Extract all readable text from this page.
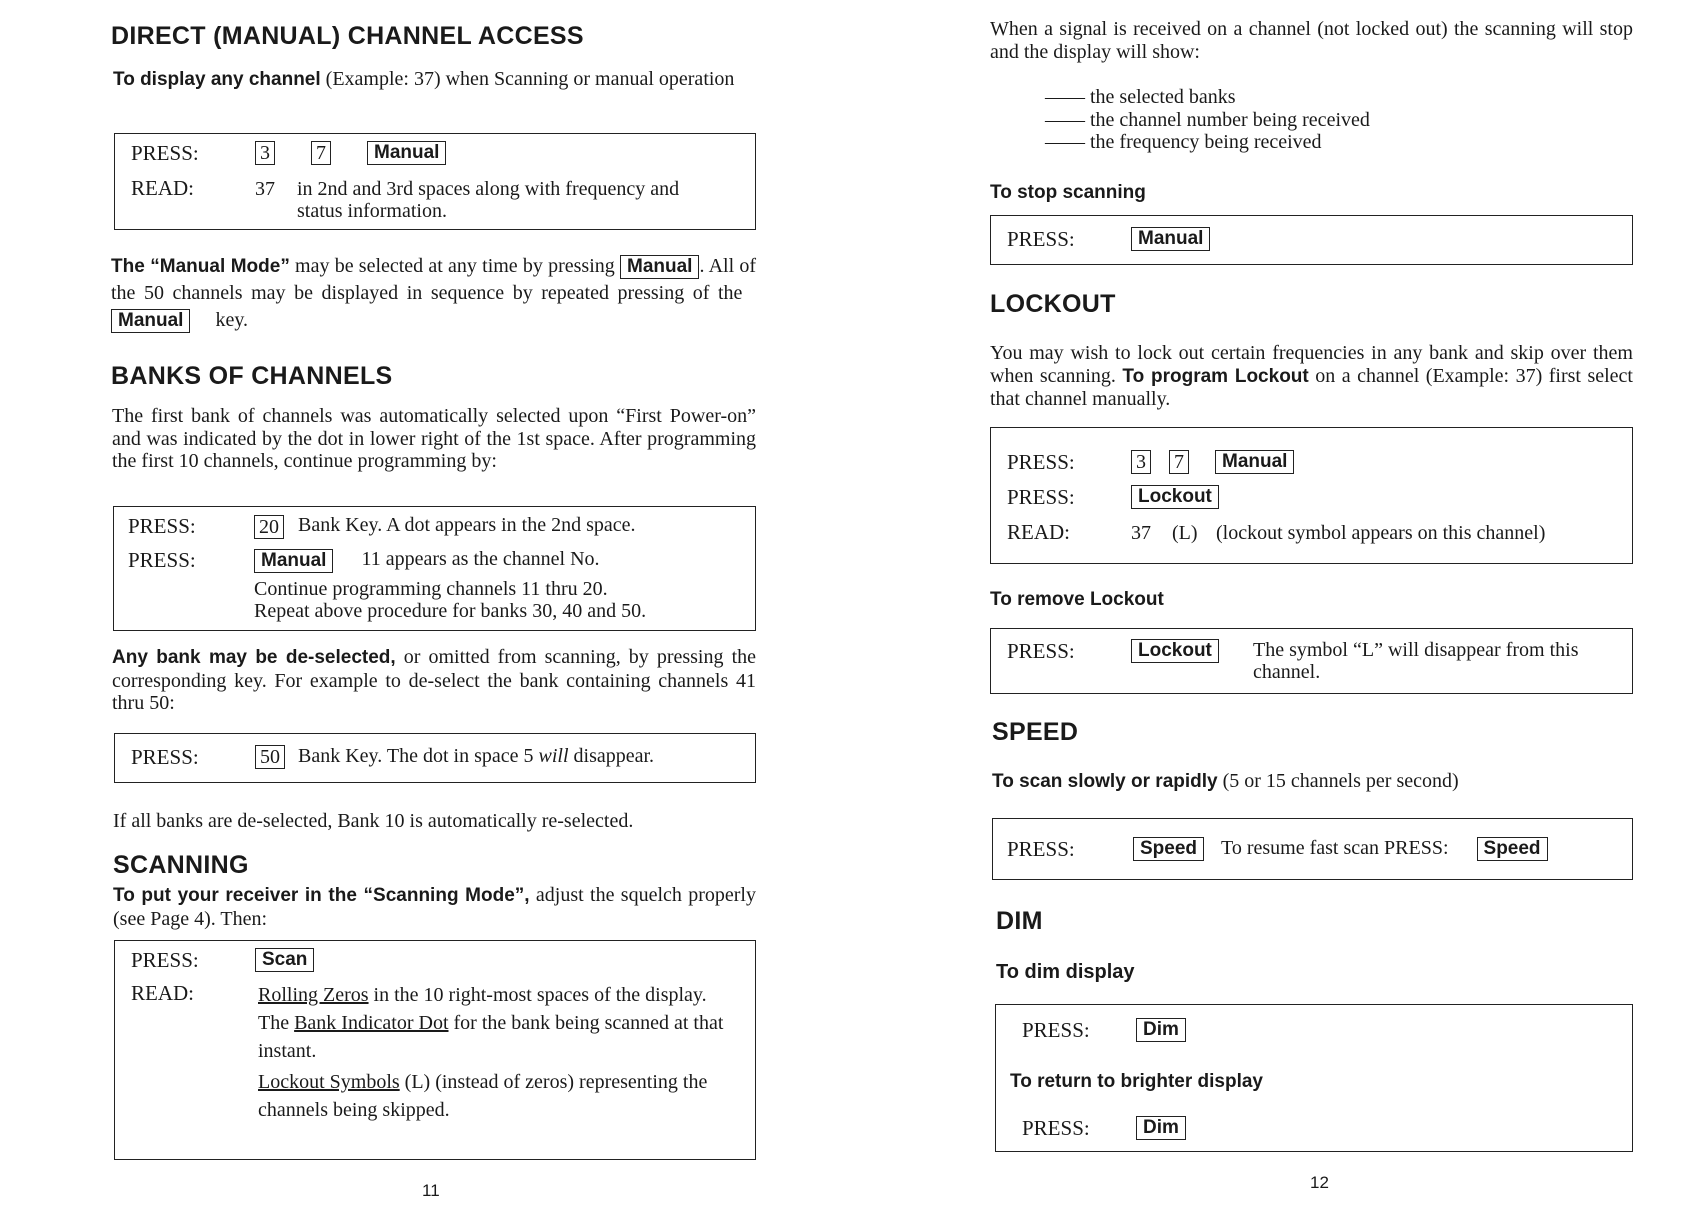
DIRECT (MANUAL) CHANNEL ACCESS

To display any channel (Example: 37) when Scanning or manual operation

PRESS:	3 7	Manual
READ:	37 in 2nd and 3rd spaces along with frequency and status information.

The “Manual Mode” may be selected at any time by pressing Manual . All of the 50 channels may be displayed in sequence by repeated pressing of the  Manual key.

BANKS OF CHANNELS

The first bank of channels was automatically selected upon “First Power-on” and was indicated by the dot in lower right of the 1st space. After programming the first 10 channels, continue programming by:

PRESS:	20 Bank Key. A dot appears in the 2nd space.
PRESS:	Manual 11 appears as the channel No.
Continue programming channels 11 thru 20.
Repeat above procedure for banks 30, 40 and 50.

Any bank may be de-selected, or omitted from scanning, by pressing the corresponding key. For example to de-select the bank containing channels 41 thru 50:

PRESS:	50 Bank Key. The dot in space 5 will disappear.

If all banks are de-selected, Bank 10 is automatically re-selected.

SCANNING

To put your receiver in the “Scanning Mode”, adjust the squelch properly (see Page 4). Then:

PRESS:	Scan
READ:	Rolling Zeros in the 10 right-most spaces of the display.
The Bank Indicator Dot for the bank being scanned at that instant.
Lockout Symbols (L) (instead of zeros) representing the channels being skipped.
11

When a signal is received on a channel (not locked out) the scanning will stop and the display will show:

—— the selected banks
—— the channel number being received
—— the frequency being received
To stop scanning
PRESS:	Manual
LOCKOUT

You may wish to lock out certain frequencies in any bank and skip over them when scanning. To program Lockout on a channel (Example: 37) first select that channel manually.

PRESS:	3 7 Manual
PRESS:	Lockout
READ:	37 (L) (lockout symbol appears on this channel)
To remove Lockout
PRESS:	Lockout	The symbol “L” will disappear from this channel.
SPEED

To scan slowly or rapidly (5 or 15 channels per second)

PRESS:	Speed To resume fast scan PRESS: Speed
DIM
To dim display
PRESS:	Dim
To return to brighter display
PRESS:	Dim
12
